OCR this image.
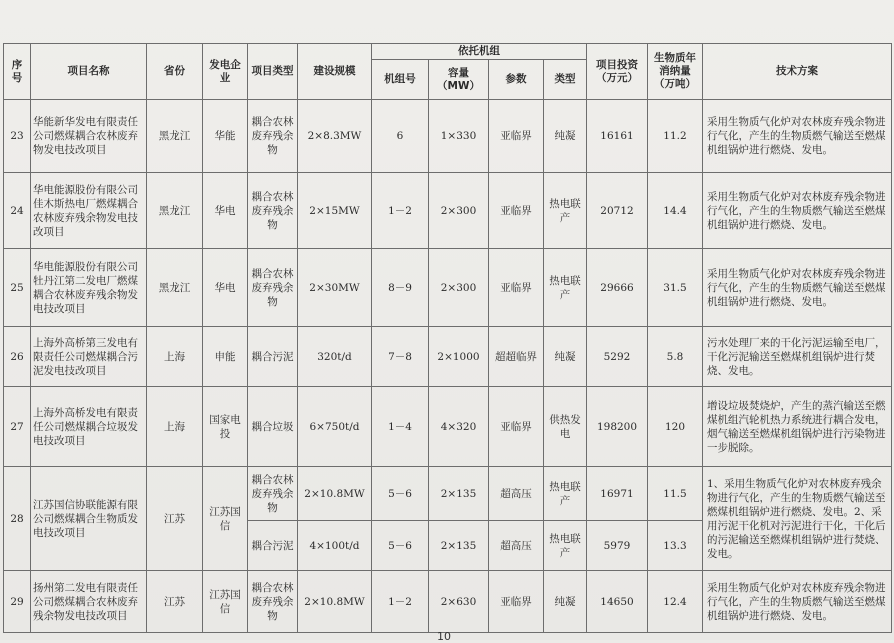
序号	项目名称	省份	发电企业	项目类型	建设规模	依托机组				项目投资（万元）	生物质年消纳量（万吨）	技术方案
						机组号	容量（MW）	参数	类型			
23	华能新华发电有限责任公司燃煤耦合农林废弃物发电技改项目	黑龙江	华能	耦合农林废弃残余物	2×8.3MW	6	1×330	亚临界	纯凝	16161	11.2	采用生物质气化炉对农林废弃残余物进行气化，产生的生物质燃气输送至燃煤机组锅炉进行燃烧、发电。
24	华电能源股份有限公司佳木斯热电厂燃煤耦合农林废弃残余物发电技改项目	黑龙江	华电	耦合农林废弃残余物	2×15MW	1－2	2×300	亚临界	热电联产	20712	14.4	采用生物质气化炉对农林废弃残余物进行气化，产生的生物质燃气输送至燃煤机组锅炉进行燃烧、发电。
25	华电能源股份有限公司牡丹江第二发电厂燃煤耦合农林废弃残余物发电技改项目	黑龙江	华电	耦合农林废弃残余物	2×30MW	8－9	2×300	亚临界	热电联产	29666	31.5	采用生物质气化炉对农林废弃残余物进行气化，产生的生物质燃气输送至燃煤机组锅炉进行燃烧、发电。
26	上海外高桥第三发电有限责任公司燃煤耦合污泥发电技改项目	上海	申能	耦合污泥	320t/d	7－8	2×1000	超超临界	纯凝	5292	5.8	污水处理厂来的干化污泥运输至电厂，干化污泥输送至燃煤机组锅炉进行焚烧、发电。
27	上海外高桥发电有限责任公司燃煤耦合垃圾发电技改项目	上海	国家电投	耦合垃圾	6×750t/d	1－4	4×320	亚临界	供热发电	198200	120	增设垃圾焚烧炉，产生的蒸汽输送至燃煤机组汽轮机热力系统进行耦合发电，烟气输送至燃煤机组锅炉进行污染物进一步脱除。
28	江苏国信协联能源有限公司燃煤耦合生物质发电技改项目	江苏	江苏国信	耦合农林废弃残余物	2×10.8MW	5－6	2×135	超高压	热电联产	16971	11.5	1、采用生物质气化炉对农林废弃残余物进行气化，产生的生物质燃气输送至燃煤机组锅炉进行燃烧、发电。2、采用污泥干化机对污泥进行干化，干化后的污泥输送至燃煤机组锅炉进行焚烧、发电。
				耦合污泥	4×100t/d	5－6	2×135	超高压	热电联产	5979	13.3	
29	扬州第二发电有限责任公司燃煤耦合农林废弃残余物发电技改项目	江苏	江苏国信	耦合农林废弃残余物	2×10.8MW	1－2	2×630	亚临界	纯凝	14650	12.4	采用生物质气化炉对农林废弃残余物进行气化，产生的生物质燃气输送至燃煤机组锅炉进行燃烧、发电。
10
